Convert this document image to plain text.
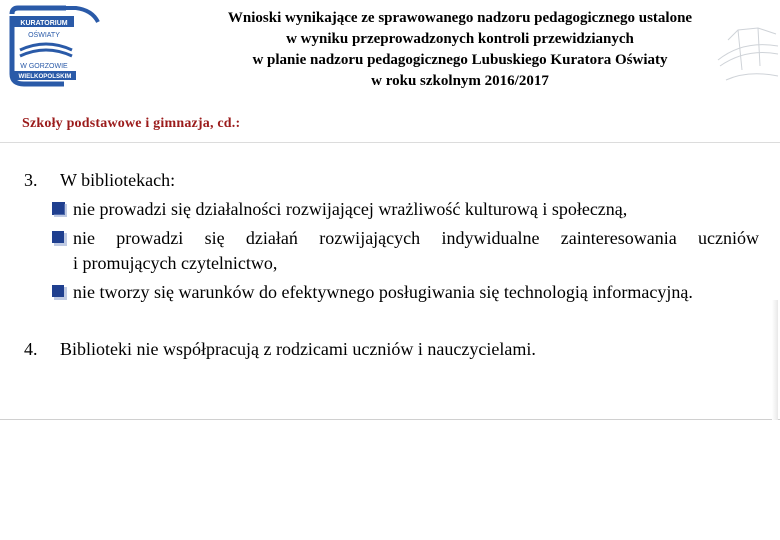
KURATORIUM
OŚWIATY
W GORZOWIE
WIELKOPOLSKIM
Wnioski wynikające ze sprawowanego nadzoru pedagogicznego ustalone
w wyniku przeprowadzonych kontroli przewidzianych
w planie nadzoru pedagogicznego Lubuskiego Kuratora Oświaty
w roku szkolnym 2016/2017
Szkoły podstawowe i gimnazja, cd.:
3. W bibliotekach:
nie prowadzi się działalności rozwijającej wrażliwość kulturową i społeczną,
nie prowadzi się działań rozwijających indywidualne zainteresowania uczniów
i promujących czytelnictwo,
nie tworzy się warunków do efektywnego posługiwania się technologią informacyjną.
4. Biblioteki nie współpracują z rodzicami uczniów i nauczycielami.
